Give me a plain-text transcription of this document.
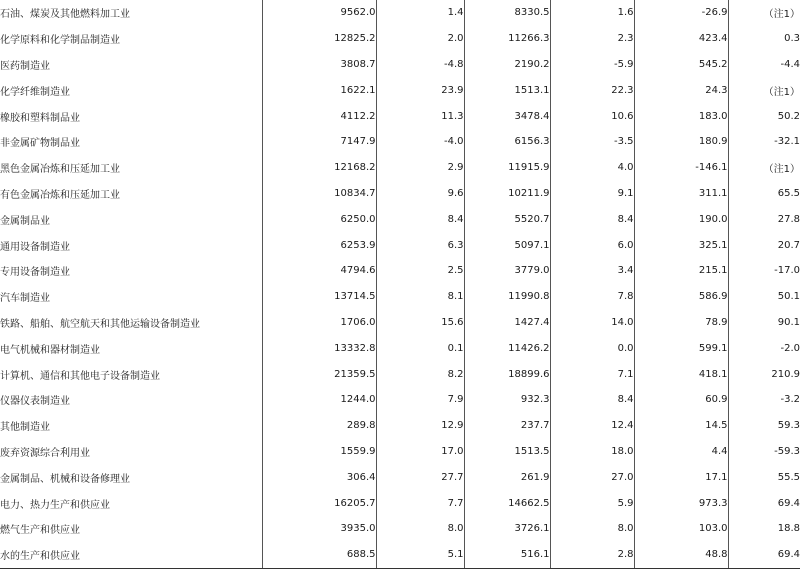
石油、煤炭及其他燃料加工业	9562.0	1.4	8330.5	1.6	-26.9	（注1）
化学原料和化学制品制造业	12825.2	2.0	11266.3	2.3	423.4	0.3
医药制造业	3808.7	-4.8	2190.2	-5.9	545.2	-4.4
化学纤维制造业	1622.1	23.9	1513.1	22.3	24.3	（注1）
橡胶和塑料制品业	4112.2	11.3	3478.4	10.6	183.0	50.2
非金属矿物制品业	7147.9	-4.0	6156.3	-3.5	180.9	-32.1
黑色金属冶炼和压延加工业	12168.2	2.9	11915.9	4.0	-146.1	（注1）
有色金属冶炼和压延加工业	10834.7	9.6	10211.9	9.1	311.1	65.5
金属制品业	6250.0	8.4	5520.7	8.4	190.0	27.8
通用设备制造业	6253.9	6.3	5097.1	6.0	325.1	20.7
专用设备制造业	4794.6	2.5	3779.0	3.4	215.1	-17.0
汽车制造业	13714.5	8.1	11990.8	7.8	586.9	50.1
铁路、船舶、航空航天和其他运输设备制造业	1706.0	15.6	1427.4	14.0	78.9	90.1
电气机械和器材制造业	13332.8	0.1	11426.2	0.0	599.1	-2.0
计算机、通信和其他电子设备制造业	21359.5	8.2	18899.6	7.1	418.1	210.9
仪器仪表制造业	1244.0	7.9	932.3	8.4	60.9	-3.2
其他制造业	289.8	12.9	237.7	12.4	14.5	59.3
废弃资源综合利用业	1559.9	17.0	1513.5	18.0	4.4	-59.3
金属制品、机械和设备修理业	306.4	27.7	261.9	27.0	17.1	55.5
电力、热力生产和供应业	16205.7	7.7	14662.5	5.9	973.3	69.4
燃气生产和供应业	3935.0	8.0	3726.1	8.0	103.0	18.8
水的生产和供应业	688.5	5.1	516.1	2.8	48.8	69.4
